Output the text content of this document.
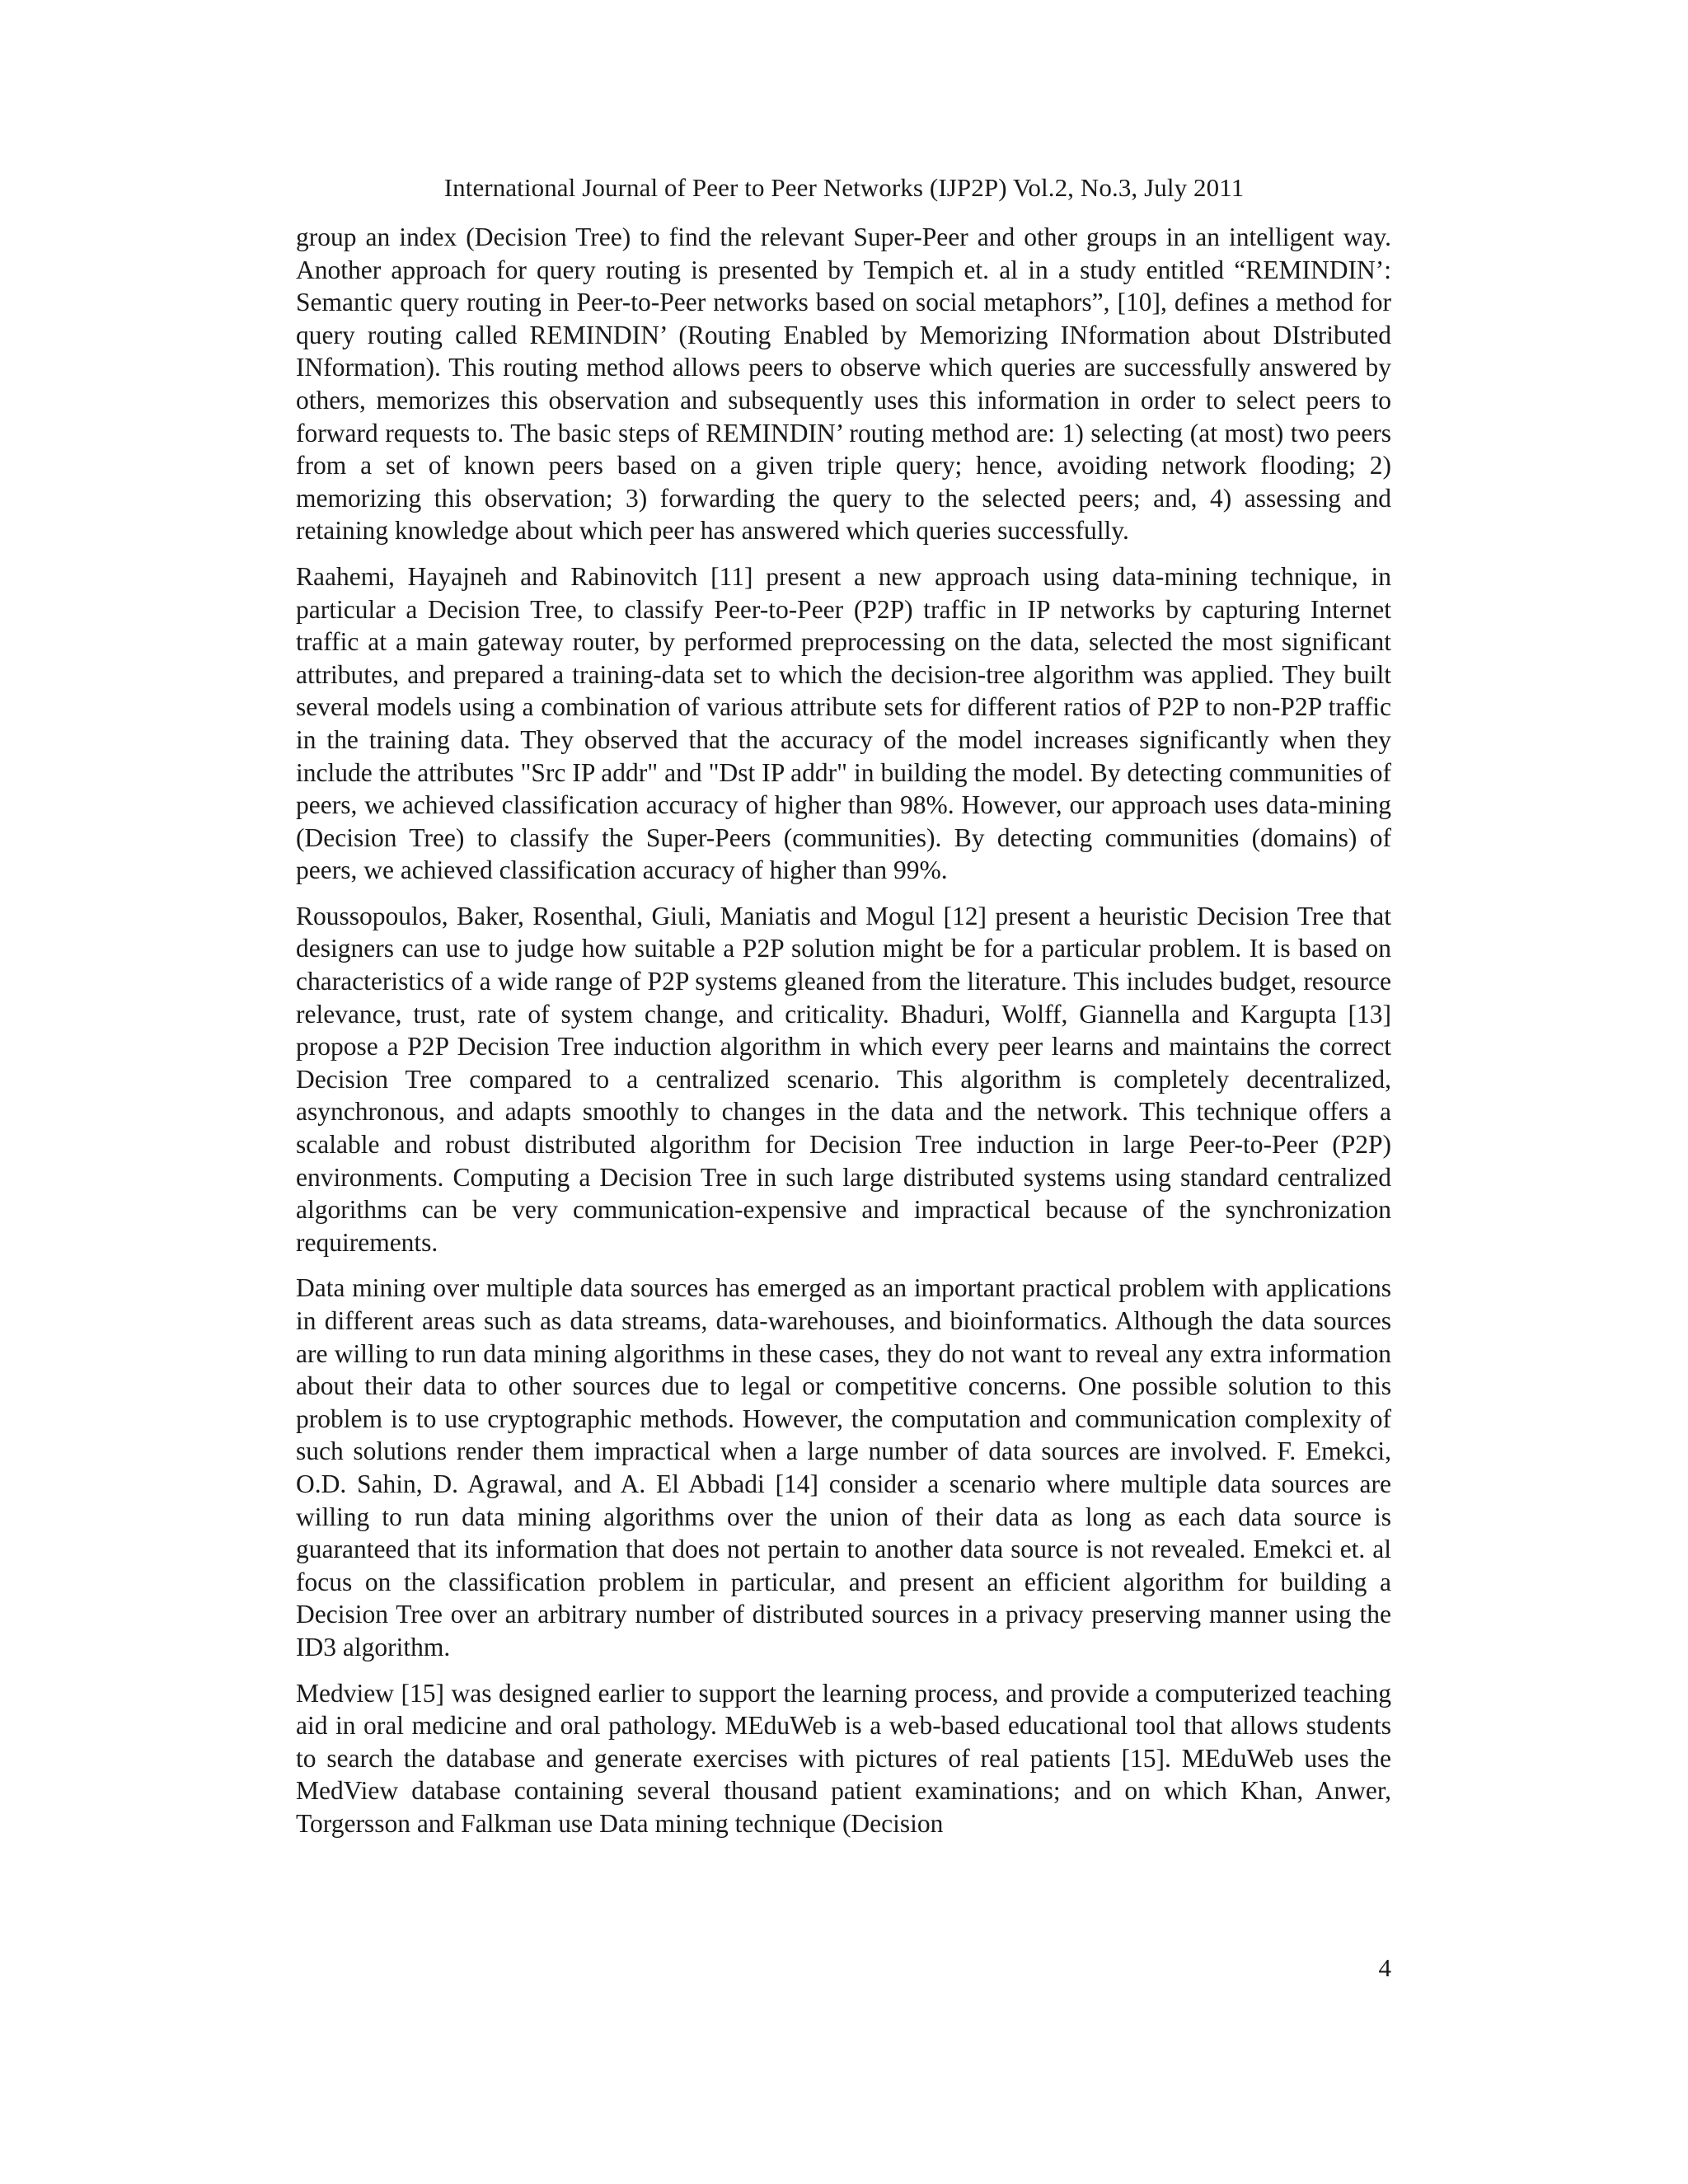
International Journal of Peer to Peer Networks (IJP2P) Vol.2, No.3, July 2011

group an index (Decision Tree) to find the relevant Super-Peer and other groups in an intelligent way. Another approach for query routing is presented by Tempich et. al in a study entitled “REMINDIN’: Semantic query routing in Peer-to-Peer networks based on social metaphors”, [10], defines a method for query routing called REMINDIN’ (Routing Enabled by Memorizing INformation about DIstributed INformation). This routing method allows peers to observe which queries are successfully answered by others, memorizes this observation and subsequently uses this information in order to select peers to forward requests to. The basic steps of REMINDIN’ routing method are: 1) selecting (at most) two peers from a set of known peers based on a given triple query; hence, avoiding network flooding; 2) memorizing this observation; 3) forwarding the query to the selected peers; and, 4) assessing and retaining knowledge about which peer has answered which queries successfully.

Raahemi, Hayajneh and Rabinovitch [11] present a new approach using data-mining technique, in particular a Decision Tree, to classify Peer-to-Peer (P2P) traffic in IP networks by capturing Internet traffic at a main gateway router, by performed preprocessing on the data, selected the most significant attributes, and prepared a training-data set to which the decision-tree algorithm was applied. They built several models using a combination of various attribute sets for different ratios of P2P to non-P2P traffic in the training data. They observed that the accuracy of the model increases significantly when they include the attributes "Src IP addr" and "Dst IP addr" in building the model. By detecting communities of peers, we achieved classification accuracy of higher than 98%. However, our approach uses data-mining (Decision Tree) to classify the Super-Peers (communities). By detecting communities (domains) of peers, we achieved classification accuracy of higher than 99%.

Roussopoulos, Baker, Rosenthal, Giuli, Maniatis and Mogul [12] present a heuristic Decision Tree that designers can use to judge how suitable a P2P solution might be for a particular problem. It is based on characteristics of a wide range of P2P systems gleaned from the literature. This includes budget, resource relevance, trust, rate of system change, and criticality. Bhaduri, Wolff, Giannella and Kargupta [13] propose a P2P Decision Tree induction algorithm in which every peer learns and maintains the correct Decision Tree compared to a centralized scenario. This algorithm is completely decentralized, asynchronous, and adapts smoothly to changes in the data and the network. This technique offers a scalable and robust distributed algorithm for Decision Tree induction in large Peer-to-Peer (P2P) environments. Computing a Decision Tree in such large distributed systems using standard centralized algorithms can be very communication-expensive and impractical because of the synchronization requirements.

Data mining over multiple data sources has emerged as an important practical problem with applications in different areas such as data streams, data-warehouses, and bioinformatics. Although the data sources are willing to run data mining algorithms in these cases, they do not want to reveal any extra information about their data to other sources due to legal or competitive concerns. One possible solution to this problem is to use cryptographic methods. However, the computation and communication complexity of such solutions render them impractical when a large number of data sources are involved. F. Emekci, O.D. Sahin, D. Agrawal, and A. El Abbadi [14] consider a scenario where multiple data sources are willing to run data mining algorithms over the union of their data as long as each data source is guaranteed that its information that does not pertain to another data source is not revealed. Emekci et. al focus on the classification problem in particular, and present an efficient algorithm for building a Decision Tree over an arbitrary number of distributed sources in a privacy preserving manner using the ID3 algorithm.

Medview [15] was designed earlier to support the learning process, and provide a computerized teaching aid in oral medicine and oral pathology. MEduWeb is a web-based educational tool that allows students to search the database and generate exercises with pictures of real patients [15]. MEduWeb uses the MedView database containing several thousand patient examinations; and on which Khan, Anwer, Torgersson and Falkman use Data mining technique (Decision

4
